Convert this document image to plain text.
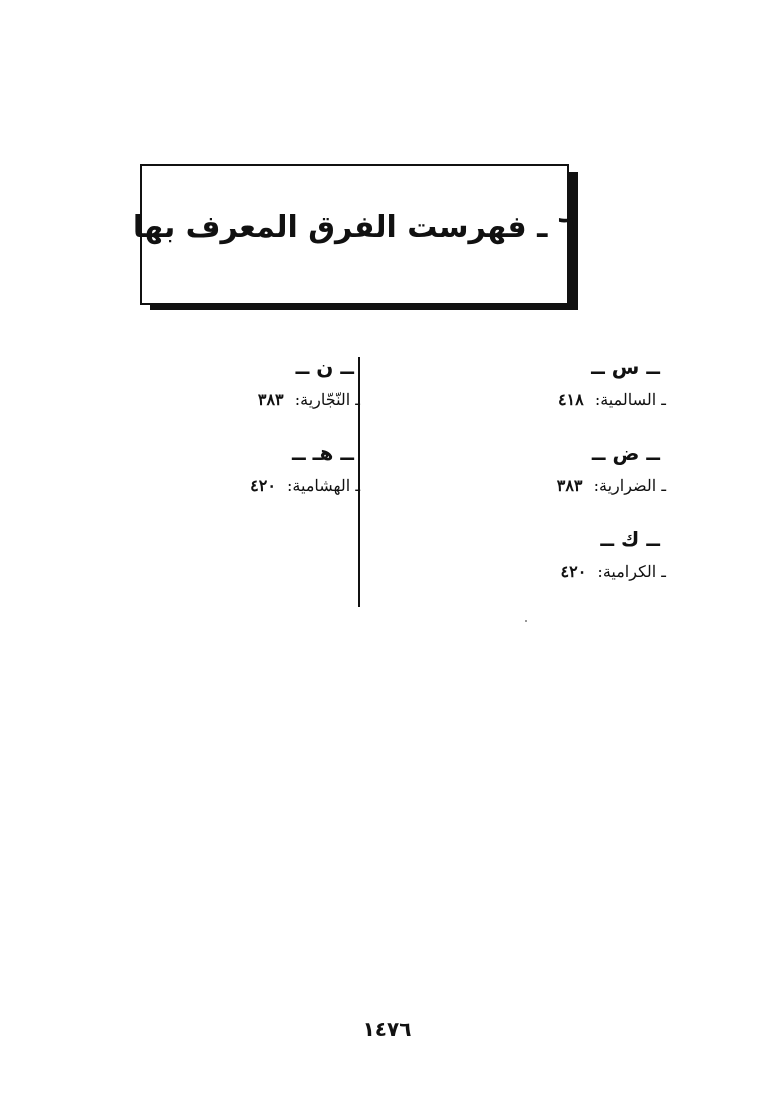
٦ ـ فهرست الفرق المعرف بها
ــ س ــ
ـ السالمية: ٤١٨
ــ ض ــ
ـ الضرارية: ٣٨٣
ــ ك ــ
ـ الكرامية: ٤٢٠
ــ ن ــ
ـ النّجّارية: ٣٨٣
ــ هـ ــ
ـ الهشامية: ٤٢٠
١٤٧٦
